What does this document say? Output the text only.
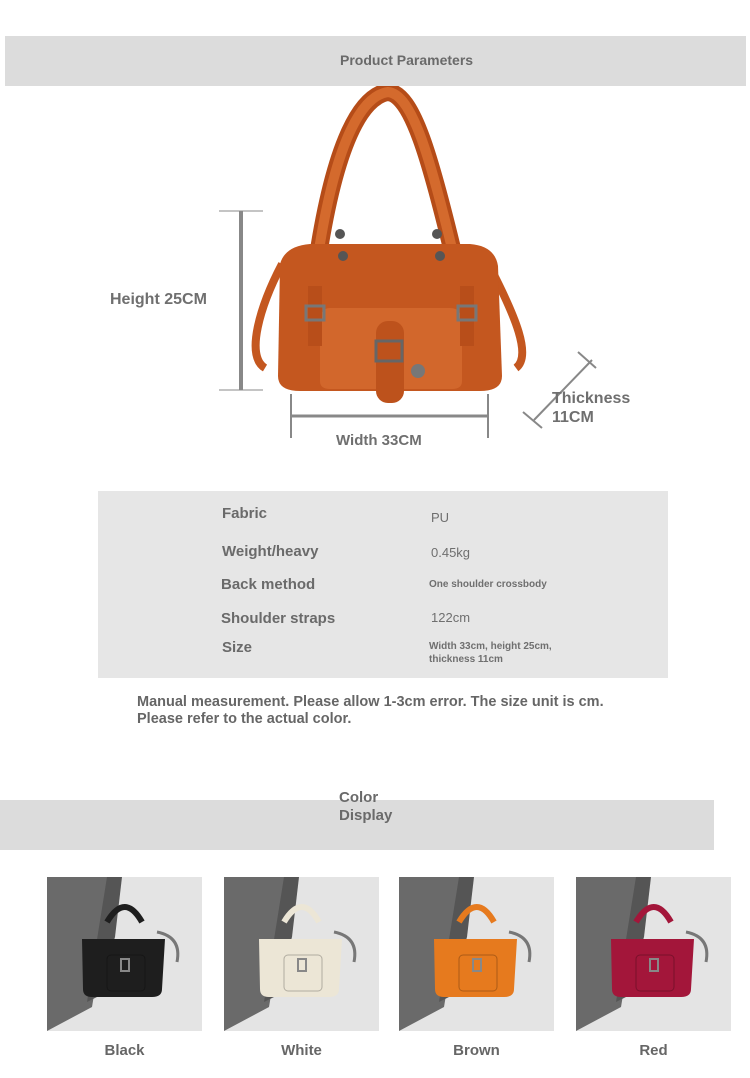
Product Parameters
Height 25CM
Width 33CM
Thickness
11CM
Fabric	PU
Weight/heavy	0.45kg
Back method	One shoulder crossbody
Shoulder straps	122cm
Size	Width 33cm, height 25cm,
thickness 11cm
Manual measurement. Please allow 1-3cm error. The size unit is cm.
Please refer to the actual color.
Color
Display
Black	White	Brown	Red
